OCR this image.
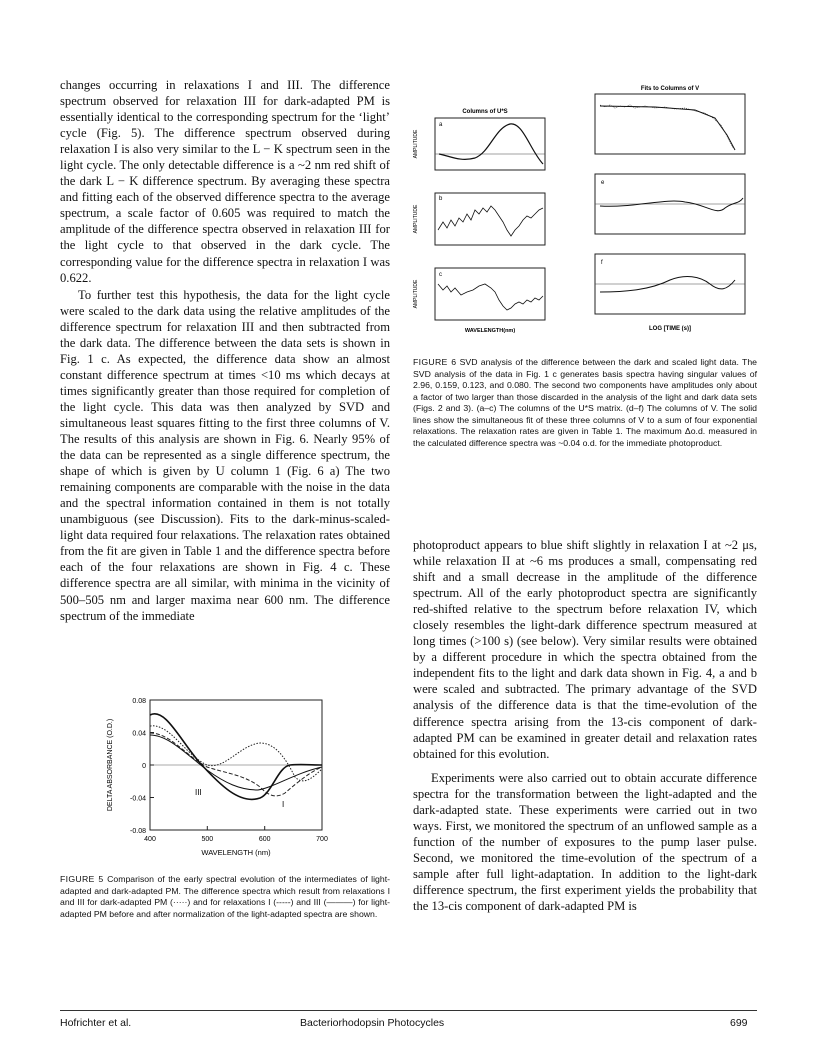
changes occurring in relaxations I and III. The difference spectrum observed for relaxation III for dark-adapted PM is essentially identical to the corresponding spectrum for the ‘light’ cycle (Fig. 5). The difference spectrum observed during relaxation I is also very similar to the L − K spectrum seen in the light cycle. The only detectable difference is a ~2 nm red shift of the dark L − K difference spectrum. By averaging these spectra and fitting each of the observed difference spectra to the average spectrum, a scale factor of 0.605 was required to match the amplitude of the difference spectra observed in relaxation III for the light cycle to that observed in the dark cycle. The corresponding value for the difference spectra in relaxation I was 0.622.

To further test this hypothesis, the data for the light cycle were scaled to the dark data using the relative amplitudes of the difference spectrum for relaxation III and then subtracted from the dark data. The difference between the data sets is shown in Fig. 1 c. As expected, the difference data show an almost constant difference spectrum at times <10 ms which decays at times significantly greater than those required for completion of the light cycle. This data was then analyzed by SVD and simultaneous least squares fitting to the first three columns of V. The results of this analysis are shown in Fig. 6. Nearly 95% of the data can be represented as a single difference spectrum, the shape of which is given by U column 1 (Fig. 6 a) The two remaining components are comparable with the noise in the data and the spectral information contained in them is not totally unambiguous (see Discussion). Fits to the dark-minus-scaled-light data required four relaxations. The relaxation rates obtained from the fit are given in Table 1 and the difference spectra before each of the four relaxations are shown in Fig. 4 c. These difference spectra are all similar, with minima in the vicinity of 500–505 nm and larger maxima near 600 nm. The difference spectrum of the immediate

0.08
0.04
0
-0.04
-0.08
400	500	600	700
III
I
WAVELENGTH (nm)
DELTA ABSORBANCE (O.D.)
FIGURE 5 Comparison of the early spectral evolution of the intermediates of light-adapted and dark-adapted PM. The difference spectra which result from relaxations I and III for dark-adapted PM (·····) and for relaxations I (-----) and III (———) for light-adapted PM before and after normalization of the light-adapted spectra are shown.
Columns of U*S
Fits to Columns of V
a
AMPLITUDE
b
AMPLITUDE
c
AMPLITUDE
WAVELENGTH(nm)
e
f
LOG [TIME (s)]
FIGURE 6 SVD analysis of the difference between the dark and scaled light data. The SVD analysis of the data in Fig. 1 c generates basis spectra having singular values of 2.96, 0.159, 0.123, and 0.080. The second two components have amplitudes only about a factor of two larger than those discarded in the analysis of the light and dark data sets (Figs. 2 and 3). (a–c) The columns of the U*S matrix. (d–f) The columns of V. The solid lines show the simultaneous fit of these three columns of V to a sum of four exponential relaxations. The relaxation rates are given in Table 1. The maximum Δo.d. measured in the calculated difference spectra was ~0.04 o.d. for the immediate photoproduct.

photoproduct appears to blue shift slightly in relaxation I at ~2 μs, while relaxation II at ~6 ms produces a small, compensating red shift and a small decrease in the amplitude of the difference spectrum. All of the early photoproduct spectra are significantly red-shifted relative to the spectrum before relaxation IV, which closely resembles the light-dark difference spectrum measured at long times (>100 s) (see below). Very similar results were obtained by a different procedure in which the spectra obtained from the independent fits to the light and dark data shown in Fig. 4, a and b were scaled and subtracted. The primary advantage of the SVD analysis of the difference data is that the time-evolution of the difference spectra arising from the 13-cis component of dark-adapted PM can be examined in greater detail and relaxation rates obtained for this evolution.

Experiments were also carried out to obtain accurate difference spectra for the transformation between the light-adapted and the dark-adapted state. These experiments were carried out in two ways. First, we monitored the spectrum of an unflowed sample as a function of the number of exposures to the pump laser pulse. Second, we monitored the time-evolution of the spectrum of a sample after full light-adaptation. In addition to the light-dark difference spectrum, the first experiment yields the probability that the 13-cis component of dark-adapted PM is

Hofrichter et al.	Bacteriorhodopsin Photocycles	699
